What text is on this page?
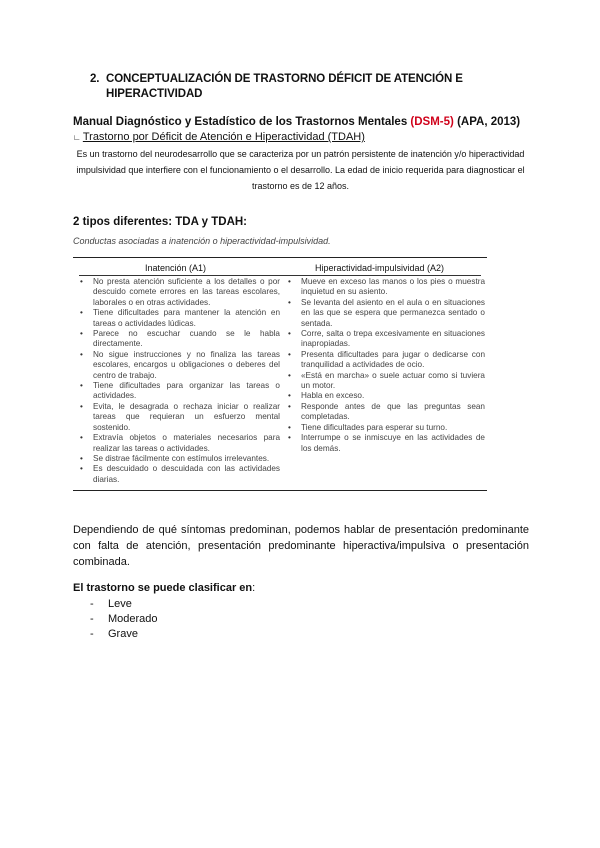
2. CONCEPTUALIZACIÓN DE TRASTORNO DÉFICIT DE ATENCIÓN E
HIPERACTIVIDAD
Manual Diagnóstico y Estadístico de los Trastornos Mentales (DSM-5) (APA, 2013)
∟ Trastorno por Déficit de Atención e Hiperactividad (TDAH)
Es un trastorno del neurodesarrollo que se caracteriza por un patrón persistente de inatención y/o hiperactividad impulsividad que interfiere con el funcionamiento o el desarrollo. La edad de inicio requerida para diagnosticar el trastorno es de 12 años.
2 tipos diferentes: TDA y TDAH:
Conductas asociadas a inatención o hiperactividad-impulsividad.
Inatención (A1)	Hiperactividad-impulsividad (A2)
• No presta atención suficiente a los detalles o por descuido comete errores en las tareas escolares, laborales o en otras actividades.
• Tiene dificultades para mantener la atención en tareas o actividades lúdicas.
• Parece no escuchar cuando se le habla directamente.
• No sigue instrucciones y no finaliza las tareas escolares, encargos u obligaciones o deberes del centro de trabajo.
• Tiene dificultades para organizar las tareas o actividades.
• Evita, le desagrada o rechaza iniciar o realizar tareas que requieran un esfuerzo mental sostenido.
• Extravía objetos o materiales necesarios para realizar las tareas o actividades.
• Se distrae fácilmente con estímulos irrelevantes.
• Es descuidado o descuidada con las actividades diarias.
• Mueve en exceso las manos o los pies o muestra inquietud en su asiento.
• Se levanta del asiento en el aula o en situaciones en las que se espera que permanezca sentado o sentada.
• Corre, salta o trepa excesivamente en situaciones inapropiadas.
• Presenta dificultades para jugar o dedicarse con tranquilidad a actividades de ocio.
• «Está en marcha» o suele actuar como si tuviera un motor.
• Habla en exceso.
• Responde antes de que las preguntas sean completadas.
• Tiene dificultades para esperar su turno.
• Interrumpe o se inmiscuye en las actividades de los demás.
Dependiendo de qué síntomas predominan, podemos hablar de presentación predominante con falta de atención, presentación predominante hiperactiva/impulsiva o presentación combinada.
El trastorno se puede clasificar en:
- Leve
- Moderado
- Grave
